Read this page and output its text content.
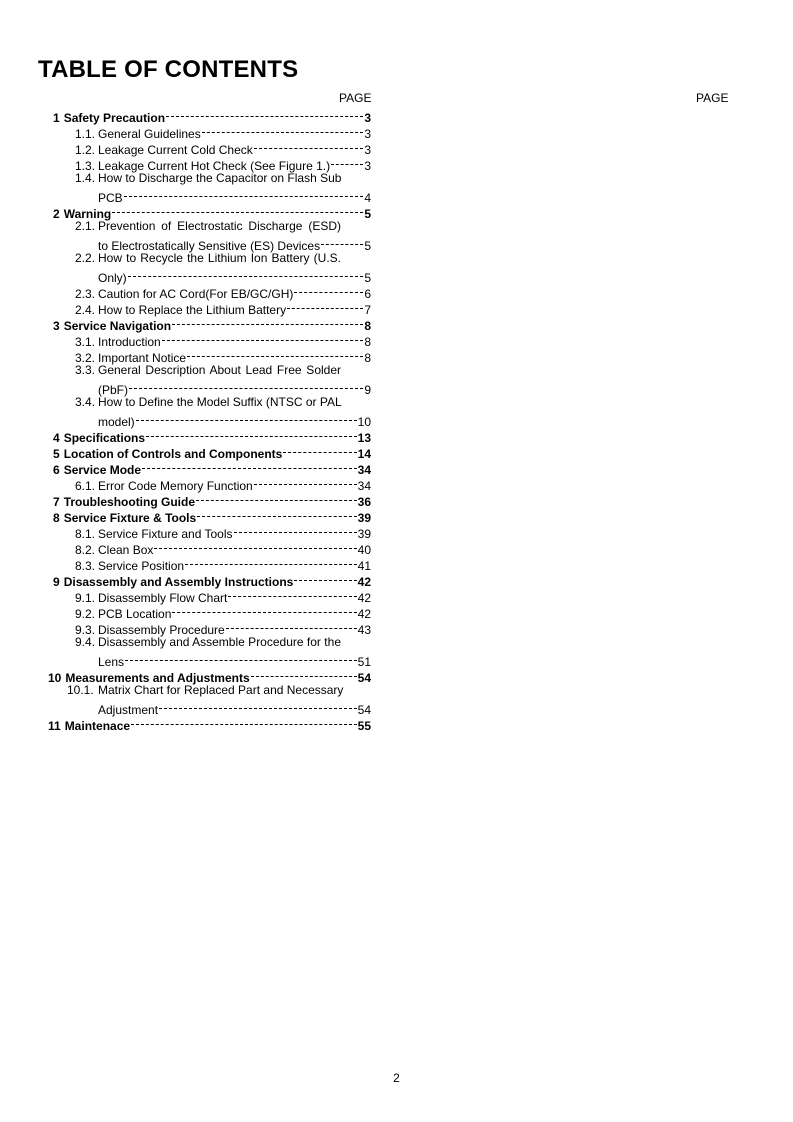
TABLE OF CONTENTS
PAGE	PAGE
1 Safety Precaution	3
1.1. General Guidelines	3
1.2. Leakage Current Cold Check	3
1.3. Leakage Current Hot Check (See Figure 1.)	3
1.4. How to Discharge the Capacitor on Flash Sub
PCB	4
2 Warning	5
2.1. Prevention of Electrostatic Discharge (ESD)
to Electrostatically Sensitive (ES) Devices	5
2.2. How to Recycle the Lithium Ion Battery (U.S.
Only)	5
2.3. Caution for AC Cord(For EB/GC/GH)	6
2.4. How to Replace the Lithium Battery	7
3 Service Navigation	8
3.1. Introduction	8
3.2. Important Notice	8
3.3. General Description About Lead Free Solder
(PbF)	9
3.4. How to Define the Model Suffix (NTSC or PAL
model)	10
4 Specifications	13
5 Location of Controls and Components	14
6 Service Mode	34
6.1. Error Code Memory Function	34
7 Troubleshooting Guide	36
8 Service Fixture & Tools	39
8.1. Service Fixture and Tools	39
8.2. Clean Box	40
8.3. Service Position	41
9 Disassembly and Assembly Instructions	42
9.1. Disassembly Flow Chart	42
9.2. PCB Location	42
9.3. Disassembly Procedure	43
9.4. Disassembly and Assemble Procedure for the
Lens	51
10 Measurements and Adjustments	54
10.1. Matrix Chart for Replaced Part and Necessary
Adjustment	54
11 Maintenace	55
2
